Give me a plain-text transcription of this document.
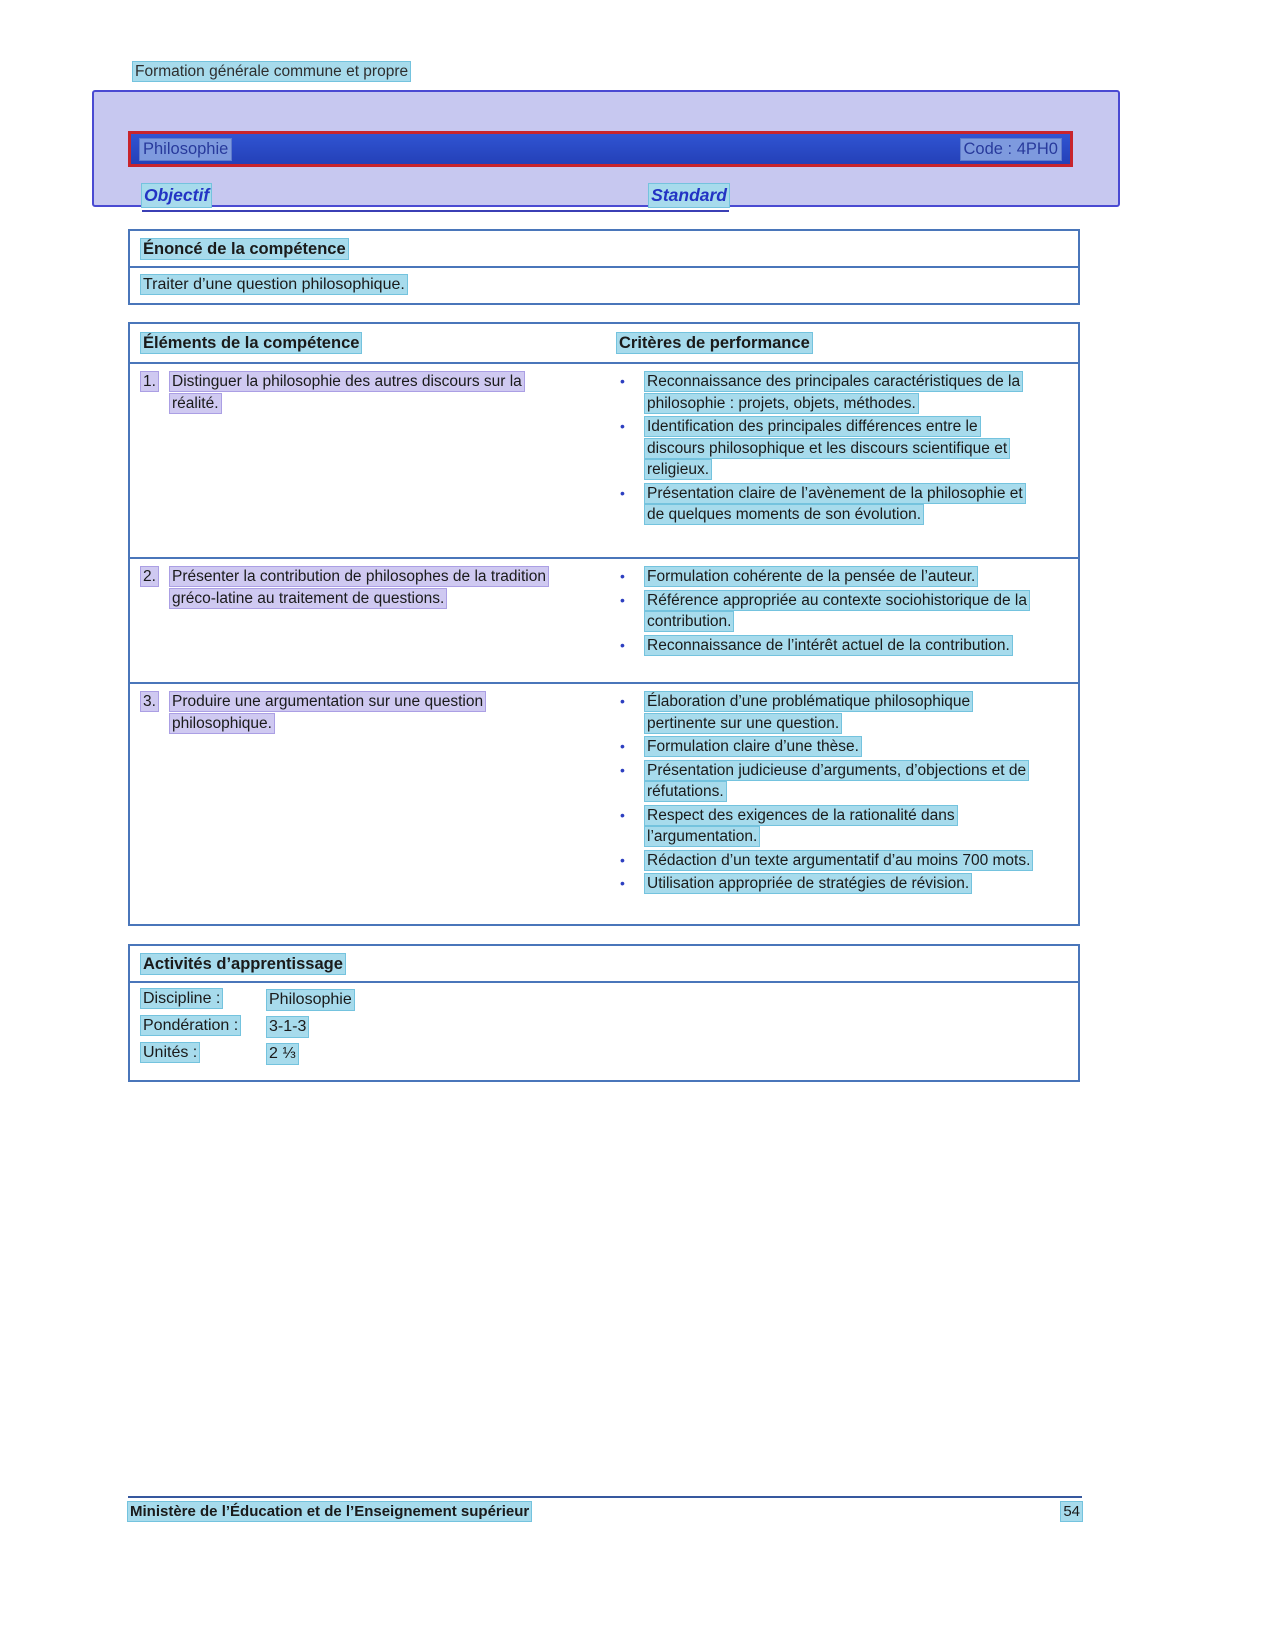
Formation générale commune et propre
Philosophie	Code : 4PH0
Objectif	Standard
Énoncé de la compétence
Traiter d’une question philosophique.
Éléments de la compétence	Critères de performance
1.	Distinguer la philosophie des autres discours sur la réalité.
•
Reconnaissance des principales caractéristiques de la philosophie : projets, objets, méthodes.
•
Identification des principales différences entre le discours philosophique et les discours scientifique et religieux.
•
Présentation claire de l’avènement de la philosophie et de quelques moments de son évolution.
2.	Présenter la contribution de philosophes de la tradition gréco-latine au traitement de questions.
•
Formulation cohérente de la pensée de l’auteur.
•
Référence appropriée au contexte sociohistorique de la contribution.
•
Reconnaissance de l’intérêt actuel de la contribution.
3.	Produire une argumentation sur une question philosophique.
•
Élaboration d’une problématique philosophique pertinente sur une question.
•
Formulation claire d’une thèse.
•
Présentation judicieuse d’arguments, d’objections et de réfutations.
•
Respect des exigences de la rationalité dans l’argumentation.
•
Rédaction d’un texte argumentatif d’au moins 700 mots.
•
Utilisation appropriée de stratégies de révision.
Activités d’apprentissage
Discipline :	Philosophie
Pondération :	3-1-3
Unités :	2 ⅓
Ministère de l’Éducation et de l’Enseignement supérieur	54
